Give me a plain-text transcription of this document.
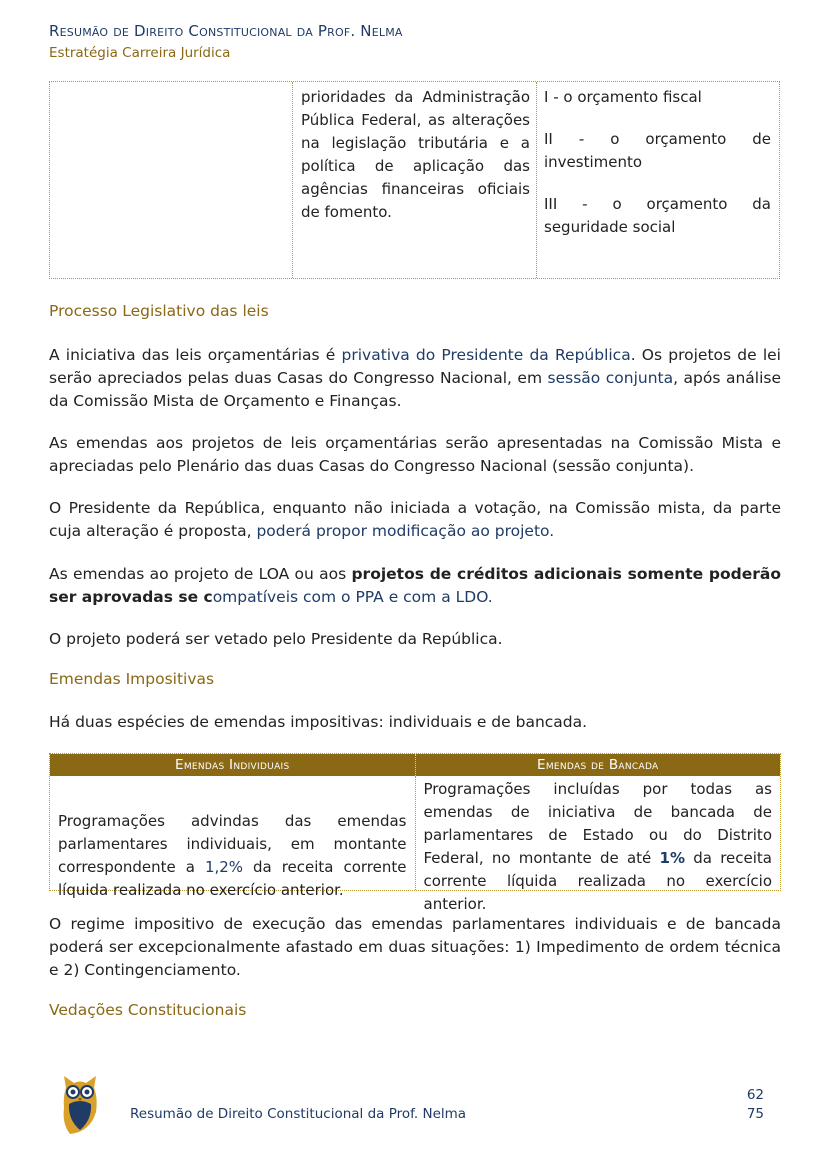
Resumão de Direito Constitucional da Prof. Nelma
Estratégia Carreira Jurídica
prioridades da Administração Pública Federal, as alterações na legislação tributária e a política de aplicação das agências financeiras oficiais de fomento.

I - o orçamento fiscal

II - o orçamento de investimento

III - o orçamento da seguridade social

Processo Legislativo das leis

A iniciativa das leis orçamentárias é privativa do Presidente da República. Os projetos de lei serão apreciados pelas duas Casas do Congresso Nacional, em sessão conjunta, após análise da Comissão Mista de Orçamento e Finanças.

As emendas aos projetos de leis orçamentárias serão apresentadas na Comissão Mista e apreciadas pelo Plenário das duas Casas do Congresso Nacional (sessão conjunta).

O Presidente da República, enquanto não iniciada a votação, na Comissão mista, da parte cuja alteração é proposta, poderá propor modificação ao projeto.

As emendas ao projeto de LOA ou aos projetos de créditos adicionais somente poderão ser aprovadas se compatíveis com o PPA e com a LDO.

O projeto poderá ser vetado pelo Presidente da República.

Emendas Impositivas

Há duas espécies de emendas impositivas: individuais e de bancada.

Emendas Individuais	Emendas de Bancada
Programações advindas das emendas parlamentares individuais, em montante correspondente a 1,2% da receita corrente líquida realizada no exercício anterior.
Programações incluídas por todas as emendas de iniciativa de bancada de parlamentares de Estado ou do Distrito Federal, no montante de até 1% da receita corrente líquida realizada no exercício anterior.

O regime impositivo de execução das emendas parlamentares individuais e de bancada poderá ser excepcionalmente afastado em duas situações: 1) Impedimento de ordem técnica e 2) Contingenciamento.

Vedações Constitucionais
Resumão de Direito Constitucional da Prof. Nelma
62
75
